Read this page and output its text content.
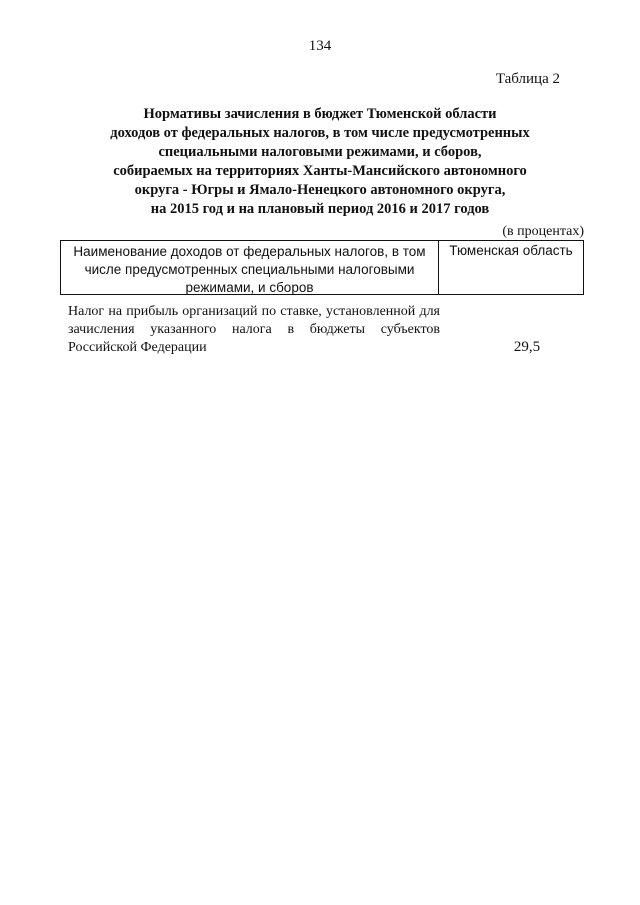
134
Таблица 2
Нормативы зачисления в бюджет Тюменской области
доходов от федеральных налогов, в том числе предусмотренных
специальными налоговыми режимами, и сборов,
собираемых на территориях Ханты-Мансийского автономного
округа - Югры и Ямало-Ненецкого автономного округа,
на 2015 год и на плановый период 2016 и 2017 годов
(в процентах)
Наименование доходов от федеральных налогов, в том числе предусмотренных специальными налоговыми режимами, и сборов
Тюменская область
Налог на прибыль организаций по ставке, установленной для зачисления указанного налога в бюджеты субъектов Российской Федерации	29,5
